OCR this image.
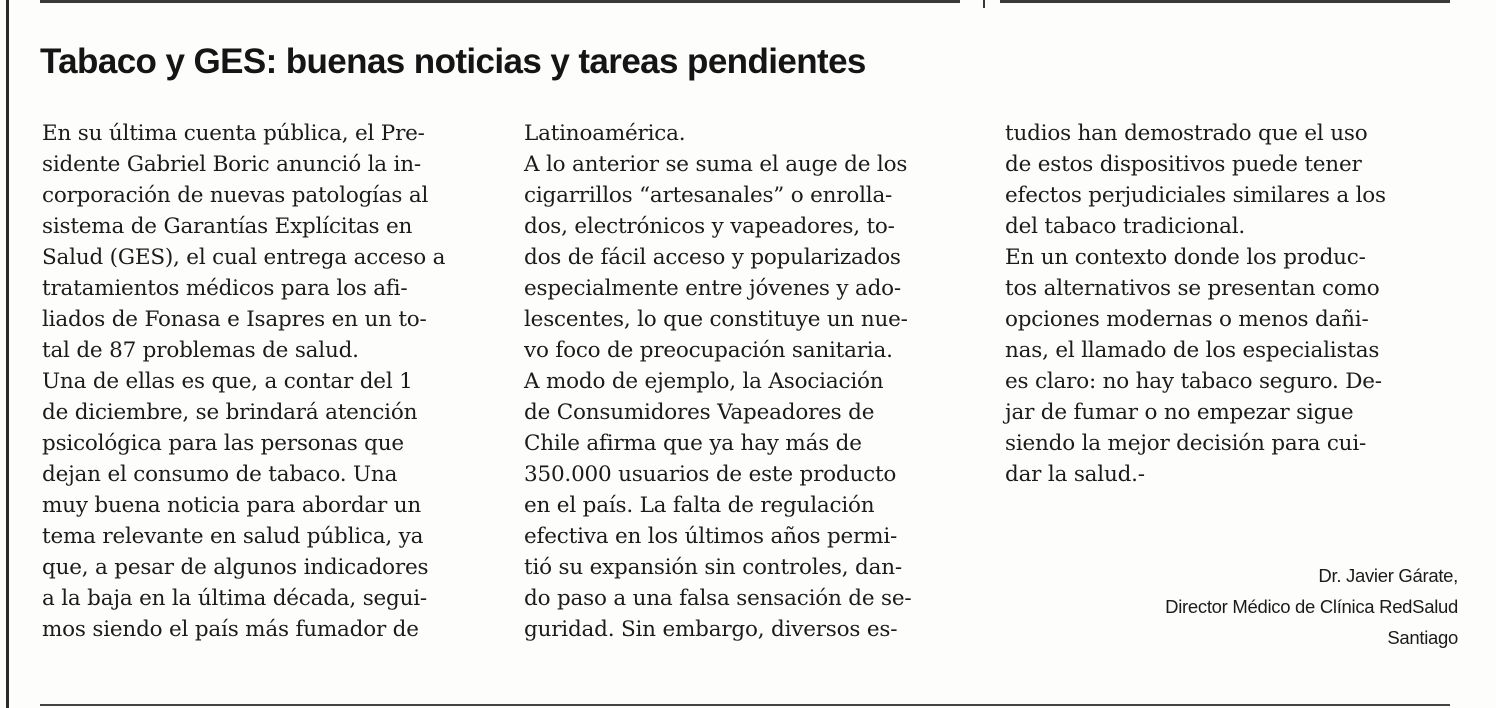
Tabaco y GES: buenas noticias y tareas pendientes
En su última cuenta pública, el Pre-
sidente Gabriel Boric anunció la in-
corporación de nuevas patologías al
sistema de Garantías Explícitas en
Salud (GES), el cual entrega acceso a
tratamientos médicos para los afi-
liados de Fonasa e Isapres en un to-
tal de 87 problemas de salud.
Una de ellas es que, a contar del 1
de diciembre, se brindará atención
psicológica para las personas que
dejan el consumo de tabaco. Una
muy buena noticia para abordar un
tema relevante en salud pública, ya
que, a pesar de algunos indicadores
a la baja en la última década, segui-
mos siendo el país más fumador de
Latinoamérica.
A lo anterior se suma el auge de los
cigarrillos “artesanales” o enrolla-
dos, electrónicos y vapeadores, to-
dos de fácil acceso y popularizados
especialmente entre jóvenes y ado-
lescentes, lo que constituye un nue-
vo foco de preocupación sanitaria.
A modo de ejemplo, la Asociación
de Consumidores Vapeadores de
Chile afirma que ya hay más de
350.000 usuarios de este producto
en el país. La falta de regulación
efectiva en los últimos años permi-
tió su expansión sin controles, dan-
do paso a una falsa sensación de se-
guridad. Sin embargo, diversos es-
tudios han demostrado que el uso
de estos dispositivos puede tener
efectos perjudiciales similares a los
del tabaco tradicional.
En un contexto donde los produc-
tos alternativos se presentan como
opciones modernas o menos dañi-
nas, el llamado de los especialistas
es claro: no hay tabaco seguro. De-
jar de fumar o no empezar sigue
siendo la mejor decisión para cui-
dar la salud.-
Dr. Javier Gárate,
Director Médico de Clínica RedSalud
Santiago
